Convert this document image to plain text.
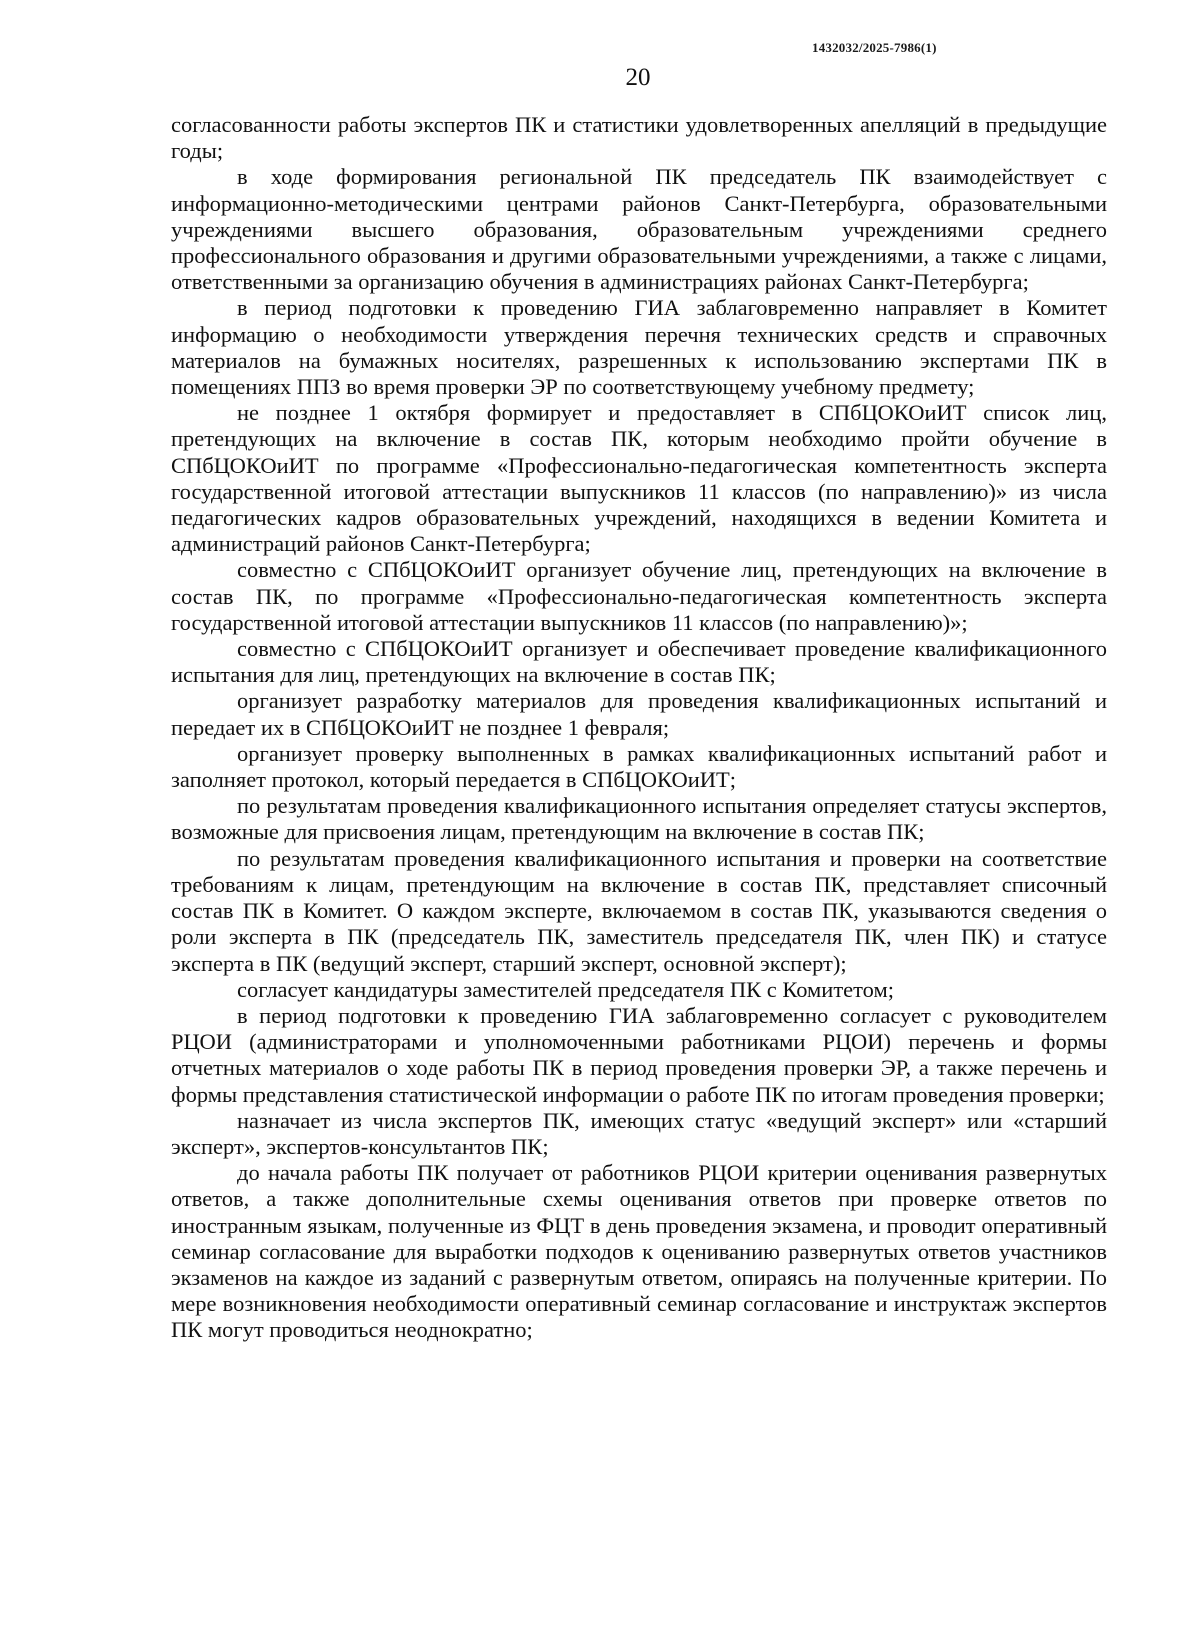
1432032/2025-7986(1)
20

согласованности работы экспертов ПК и статистики удовлетворенных апелляций в предыдущие годы;

в ходе формирования региональной ПК председатель ПК взаимодействует с информационно-методическими центрами районов Санкт-Петербурга, образовательными учреждениями высшего образования, образовательным учреждениями среднего профессионального образования и другими образовательными учреждениями, а также с лицами, ответственными за организацию обучения в администрациях районах Санкт-Петербурга;

в период подготовки к проведению ГИА заблаговременно направляет в Комитет информацию о необходимости утверждения перечня технических средств и справочных материалов на бумажных носителях, разрешенных к использованию экспертами ПК в помещениях ППЗ во время проверки ЭР по соответствующему учебному предмету;

не позднее 1 октября формирует и предоставляет в СПбЦОКОиИТ список лиц, претендующих на включение в состав ПК, которым необходимо пройти обучение в СПбЦОКОиИТ по программе «Профессионально-педагогическая компетентность эксперта государственной итоговой аттестации выпускников 11 классов (по направлению)» из числа педагогических кадров образовательных учреждений, находящихся в ведении Комитета и администраций районов Санкт-Петербурга;

совместно с СПбЦОКОиИТ организует обучение лиц, претендующих на включение в состав ПК, по программе «Профессионально-педагогическая компетентность эксперта государственной итоговой аттестации выпускников 11 классов (по направлению)»;

совместно с СПбЦОКОиИТ организует и обеспечивает проведение квалификационного испытания для лиц, претендующих на включение в состав ПК;

организует разработку материалов для проведения квалификационных испытаний и передает их в СПбЦОКОиИТ не позднее 1 февраля;

организует проверку выполненных в рамках квалификационных испытаний работ и заполняет протокол, который передается в СПбЦОКОиИТ;

по результатам проведения квалификационного испытания определяет статусы экспертов, возможные для присвоения лицам, претендующим на включение в состав ПК;

по результатам проведения квалификационного испытания и проверки на соответствие требованиям к лицам, претендующим на включение в состав ПК, представляет списочный состав ПК в Комитет. О каждом эксперте, включаемом в состав ПК, указываются сведения о роли эксперта в ПК (председатель ПК, заместитель председателя ПК, член ПК) и статусе эксперта в ПК (ведущий эксперт, старший эксперт, основной эксперт);

согласует кандидатуры заместителей председателя ПК с Комитетом;

в период подготовки к проведению ГИА заблаговременно согласует с руководителем РЦОИ (администраторами и уполномоченными работниками РЦОИ) перечень и формы отчетных материалов о ходе работы ПК в период проведения проверки ЭР, а также перечень и формы представления статистической информации о работе ПК по итогам проведения проверки;

назначает из числа экспертов ПК, имеющих статус «ведущий эксперт» или «старший эксперт», экспертов-консультантов ПК;

до начала работы ПК получает от работников РЦОИ критерии оценивания развернутых ответов, а также дополнительные схемы оценивания ответов при проверке ответов по иностранным языкам, полученные из ФЦТ в день проведения экзамена, и проводит оперативный семинар согласование для выработки подходов к оцениванию развернутых ответов участников экзаменов на каждое из заданий с развернутым ответом, опираясь на полученные критерии. По мере возникновения необходимости оперативный семинар согласование и инструктаж экспертов ПК могут проводиться неоднократно;
